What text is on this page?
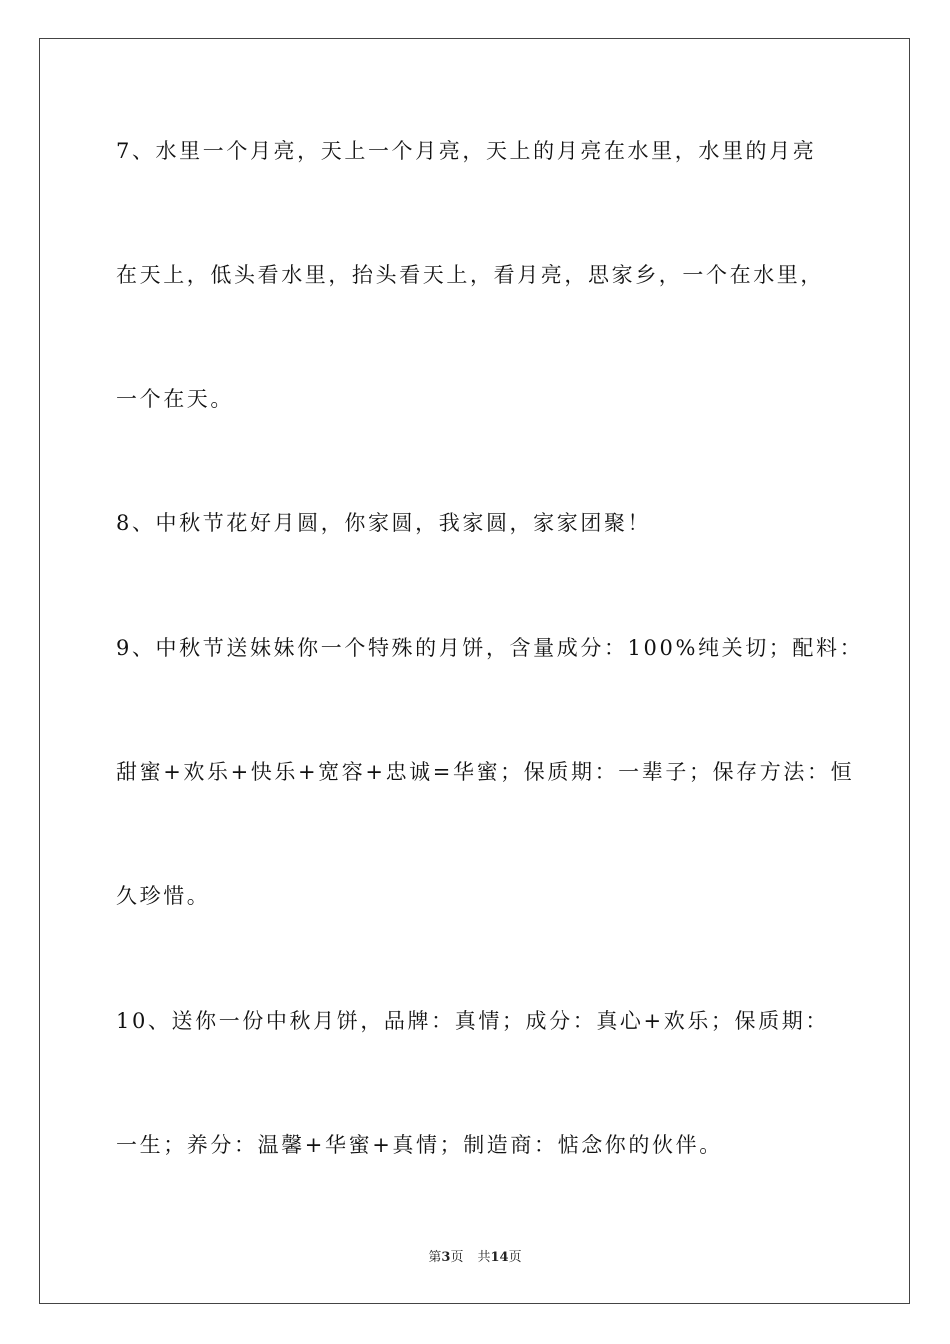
7、水里一个月亮，天上一个月亮，天上的月亮在水里，水里的月亮
在天上，低头看水里，抬头看天上，看月亮，思家乡，一个在水里，
一个在天。
8、中秋节花好月圆，你家圆，我家圆，家家团聚！
9、中秋节送妹妹你一个特殊的月饼，含量成分：100%纯关切；配料：
甜蜜+欢乐+快乐+宽容+忠诚=华蜜；保质期：一辈子；保存方法：恒
久珍惜。
10、送你一份中秋月饼，品牌：真情；成分：真心+欢乐；保质期：
一生；养分：温馨+华蜜+真情；制造商：惦念你的伙伴。
第3页 共14页
